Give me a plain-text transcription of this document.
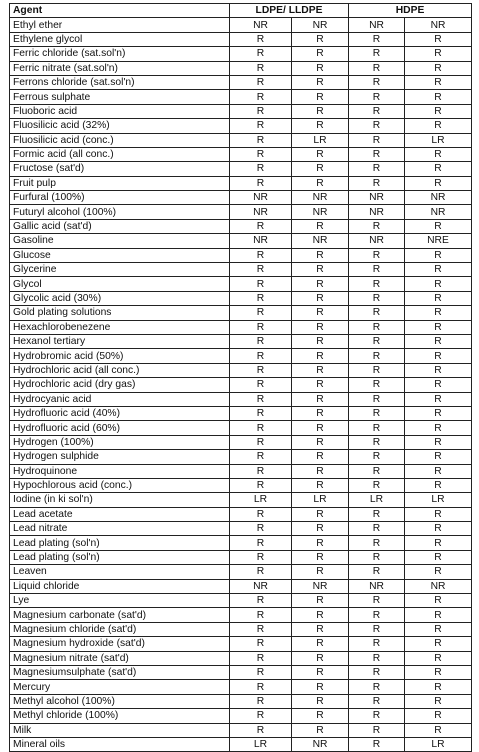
Agent	LDPE/ LLDPE		HDPE	
Ethyl ether	NR	NR	NR	NR
Ethylene glycol	R	R	R	R
Ferric chloride (sat.sol'n)	R	R	R	R
Ferric nitrate (sat.sol'n)	R	R	R	R
Ferrons chloride (sat.sol'n)	R	R	R	R
Ferrous sulphate	R	R	R	R
Fluoboric acid	R	R	R	R
Fluosilicic acid (32%)	R	R	R	R
Fluosilicic acid (conc.)	R	LR	R	LR
Formic acid (all conc.)	R	R	R	R
Fructose (sat'd)	R	R	R	R
Fruit pulp	R	R	R	R
Furfural (100%)	NR	NR	NR	NR
Futuryl alcohol (100%)	NR	NR	NR	NR
Gallic acid (sat'd)	R	R	R	R
Gasoline	NR	NR	NR	NRE
Glucose	R	R	R	R
Glycerine	R	R	R	R
Glycol	R	R	R	R
Glycolic acid (30%)	R	R	R	R
Gold plating solutions	R	R	R	R
Hexachlorobenezene	R	R	R	R
Hexanol tertiary	R	R	R	R
Hydrobromic acid (50%)	R	R	R	R
Hydrochloric acid (all conc.)	R	R	R	R
Hydrochloric acid (dry gas)	R	R	R	R
Hydrocyanic acid	R	R	R	R
Hydrofluoric acid (40%)	R	R	R	R
Hydrofluoric acid (60%)	R	R	R	R
Hydrogen (100%)	R	R	R	R
Hydrogen sulphide	R	R	R	R
Hydroquinone	R	R	R	R
Hypochlorous acid (conc.)	R	R	R	R
Iodine (in ki sol'n)	LR	LR	LR	LR
Lead acetate	R	R	R	R
Lead nitrate	R	R	R	R
Lead plating (sol'n)	R	R	R	R
Lead plating (sol'n)	R	R	R	R
Leaven	R	R	R	R
Liquid chloride	NR	NR	NR	NR
Lye	R	R	R	R
Magnesium carbonate (sat'd)	R	R	R	R
Magnesium chloride (sat'd)	R	R	R	R
Magnesium hydroxide (sat'd)	R	R	R	R
Magnesium nitrate (sat'd)	R	R	R	R
Magnesiumsulphate (sat'd)	R	R	R	R
Mercury	R	R	R	R
Methyl alcohol (100%)	R	R	R	R
Methyl chloride (100%)	R	R	R	R
Milk	R	R	R	R
Mineral oils	LR	NR	R	LR
